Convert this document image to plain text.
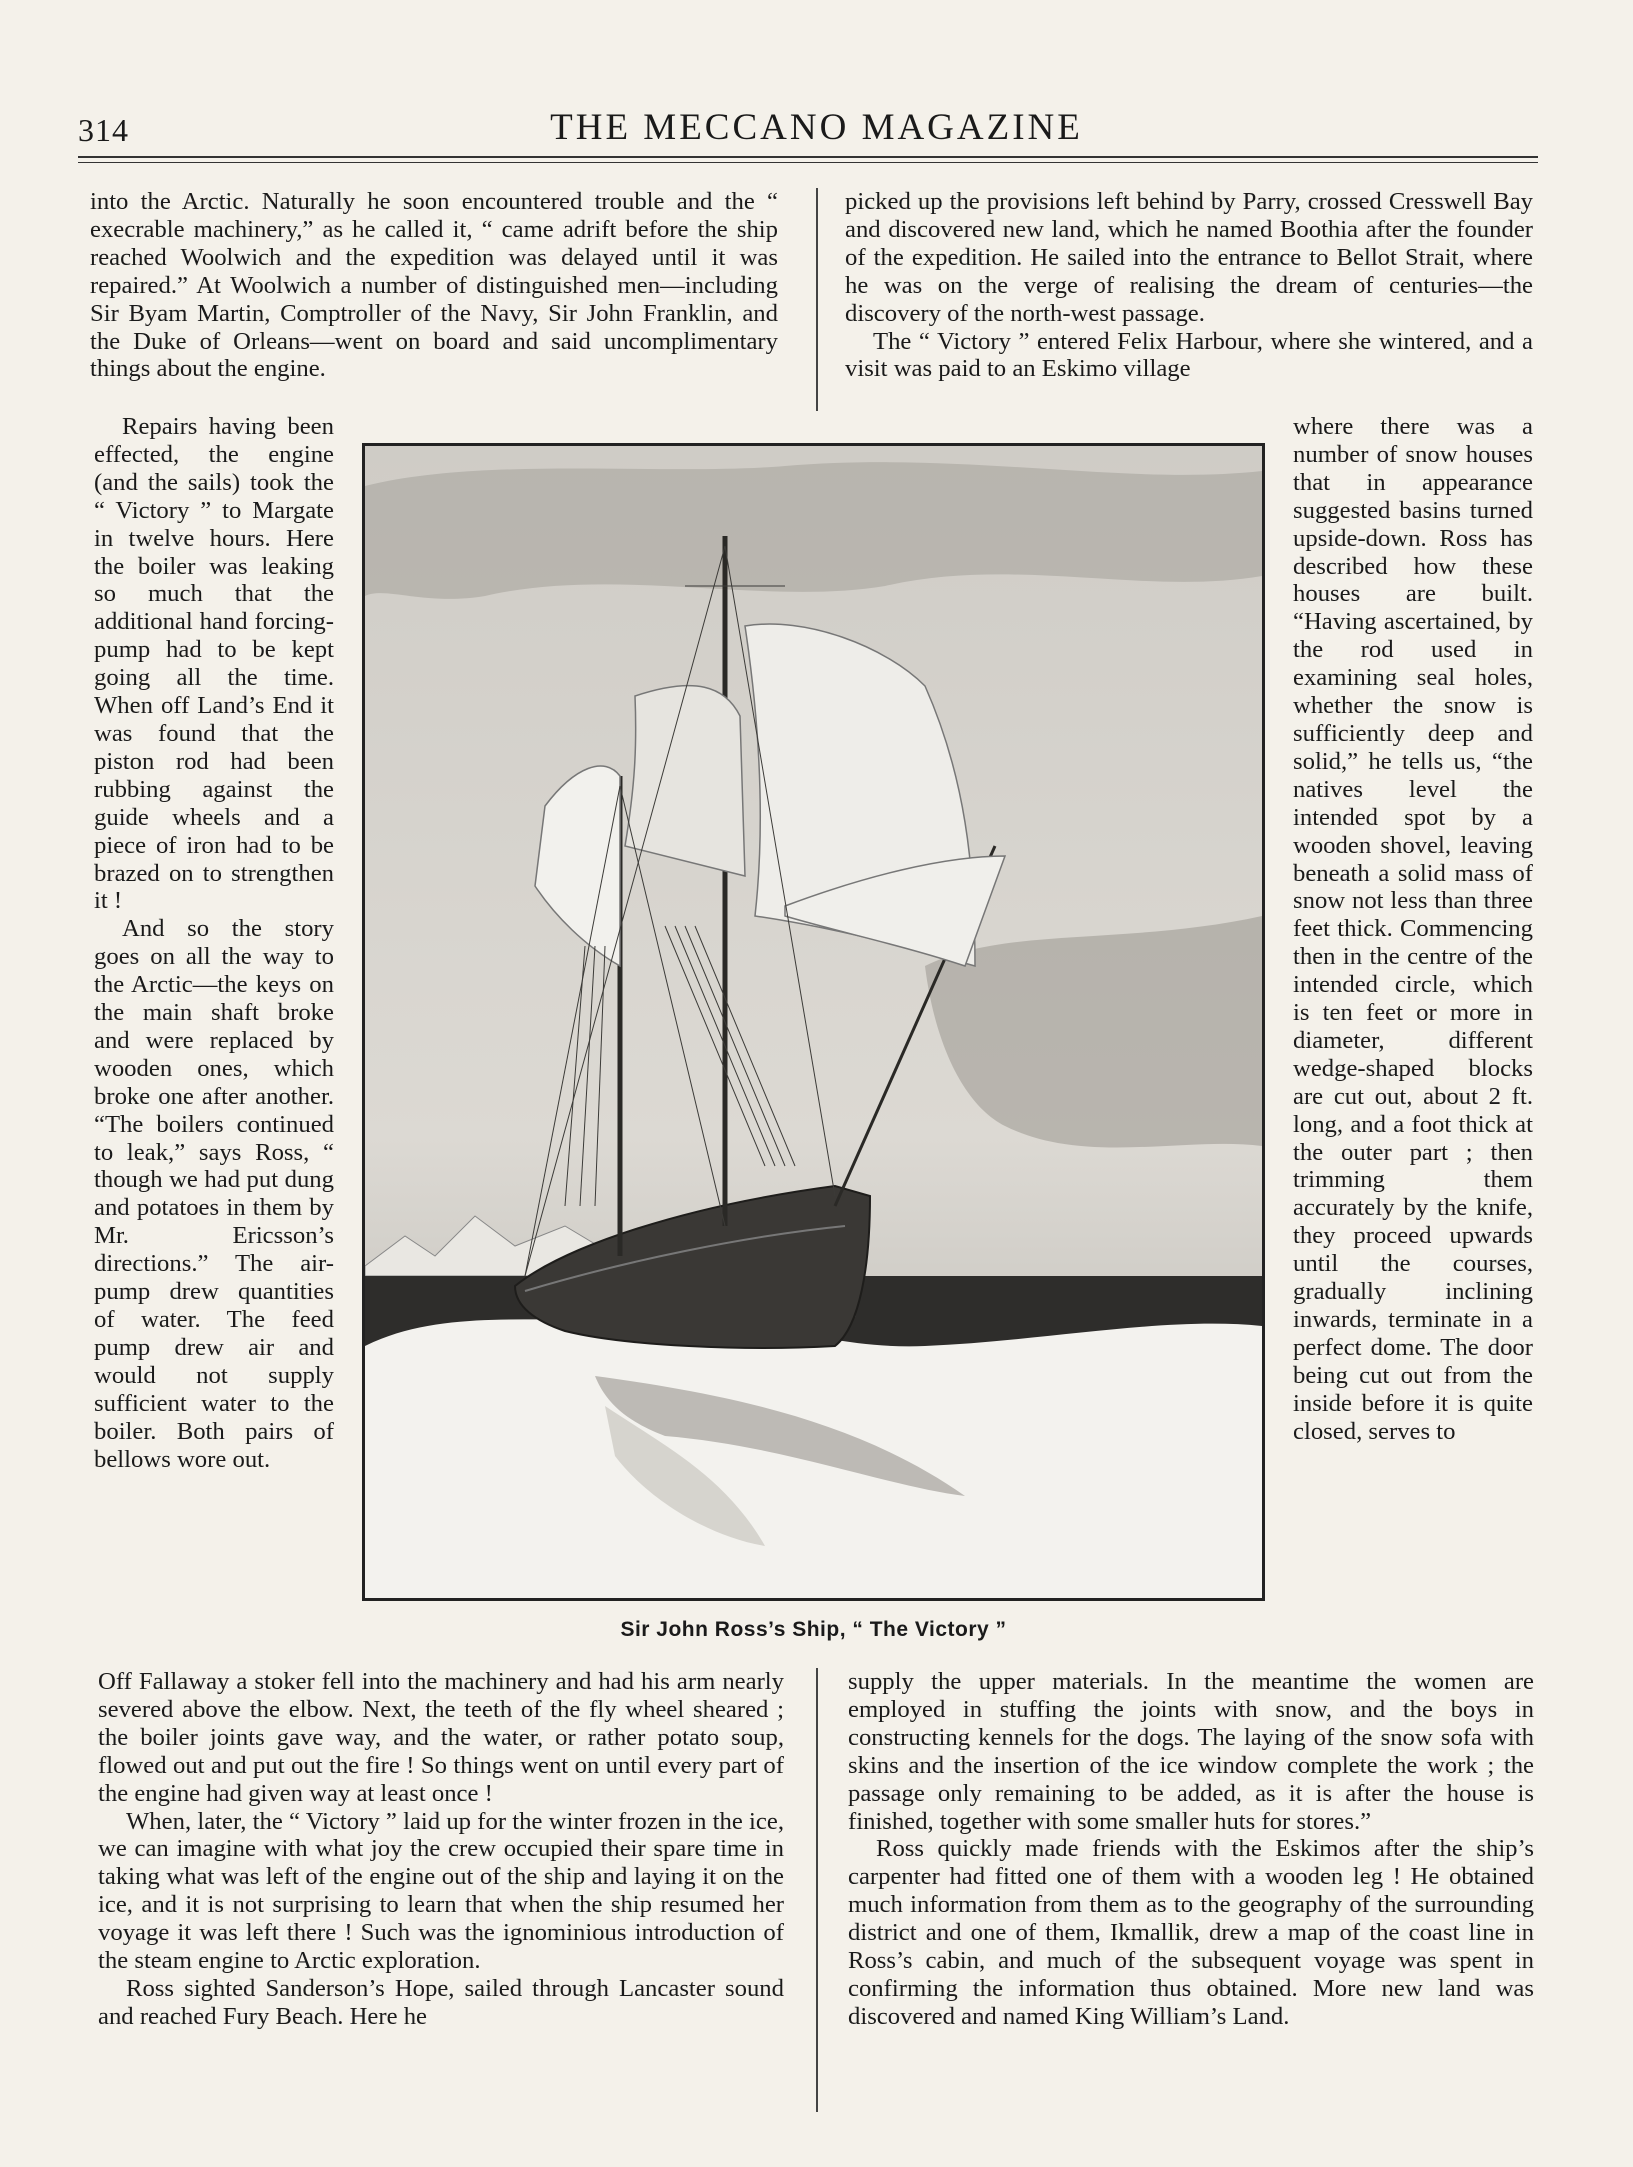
314	THE MECCANO MAGAZINE

into the Arctic. Naturally he soon encountered trouble and the “ execrable machinery,” as he called it, “ came adrift before the ship reached Woolwich and the expedition was delayed until it was repaired.” At Woolwich a number of distinguished men—including Sir Byam Martin, Comptroller of the Navy, Sir John Franklin, and the Duke of Orleans—went on board and said uncomplimentary things about the engine.

Repairs having been effected, the engine (and the sails) took the “ Victory ” to Margate in twelve hours. Here the boiler was leaking so much that the additional hand forcing-pump had to be kept going all the time. When off Land’s End it was found that the piston rod had been rubbing against the guide wheels and a piece of iron had to be brazed on to strengthen it !

And so the story goes on all the way to the Arctic—the keys on the main shaft broke and were replaced by wooden ones, which broke one after another. “The boilers continued to leak,” says Ross, “ though we had put dung and potatoes in them by Mr. Ericsson’s directions.” The air-pump drew quantities of water. The feed pump drew air and would not supply sufficient water to the boiler. Both pairs of bellows wore out.

Off Fallaway a stoker fell into the machinery and had his arm nearly severed above the elbow. Next, the teeth of the fly wheel sheared ; the boiler joints gave way, and the water, or rather potato soup, flowed out and put out the fire ! So things went on until every part of the engine had given way at least once !

When, later, the “ Victory ” laid up for the winter frozen in the ice, we can imagine with what joy the crew occupied their spare time in taking what was left of the engine out of the ship and laying it on the ice, and it is not surprising to learn that when the ship resumed her voyage it was left there ! Such was the ignominious introduction of the steam engine to Arctic exploration.

Ross sighted Sanderson’s Hope, sailed through Lancaster sound and reached Fury Beach. Here he

picked up the provisions left behind by Parry, crossed Cresswell Bay and discovered new land, which he named Boothia after the founder of the expedition. He sailed into the entrance to Bellot Strait, where he was on the verge of realising the dream of centuries—the discovery of the north-west passage.

The “ Victory ” entered Felix Harbour, where she wintered, and a visit was paid to an Eskimo village

where there was a number of snow houses that in appearance suggested basins turned upside-down. Ross has described how these houses are built. “Having ascertained, by the rod used in examining seal holes, whether the snow is sufficiently deep and solid,” he tells us, “the natives level the intended spot by a wooden shovel, leaving beneath a solid mass of snow not less than three feet thick. Commencing then in the centre of the intended circle, which is ten feet or more in diameter, different wedge-shaped blocks are cut out, about 2 ft. long, and a foot thick at the outer part ; then trimming them accurately by the knife, they proceed upwards until the courses, gradually inclining inwards, terminate in a perfect dome. The door being cut out from the inside before it is quite closed, serves to

supply the upper materials. In the meantime the women are employed in stuffing the joints with snow, and the boys in constructing kennels for the dogs. The laying of the snow sofa with skins and the insertion of the ice window complete the work ; the passage only remaining to be added, as it is after the house is finished, together with some smaller huts for stores.”

Ross quickly made friends with the Eskimos after the ship’s carpenter had fitted one of them with a wooden leg ! He obtained much information from them as to the geography of the surrounding district and one of them, Ikmallik, drew a map of the coast line in Ross’s cabin, and much of the subsequent voyage was spent in confirming the information thus obtained. More new land was discovered and named King William’s Land.

Sir John Ross’s Ship, “ The Victory ”
